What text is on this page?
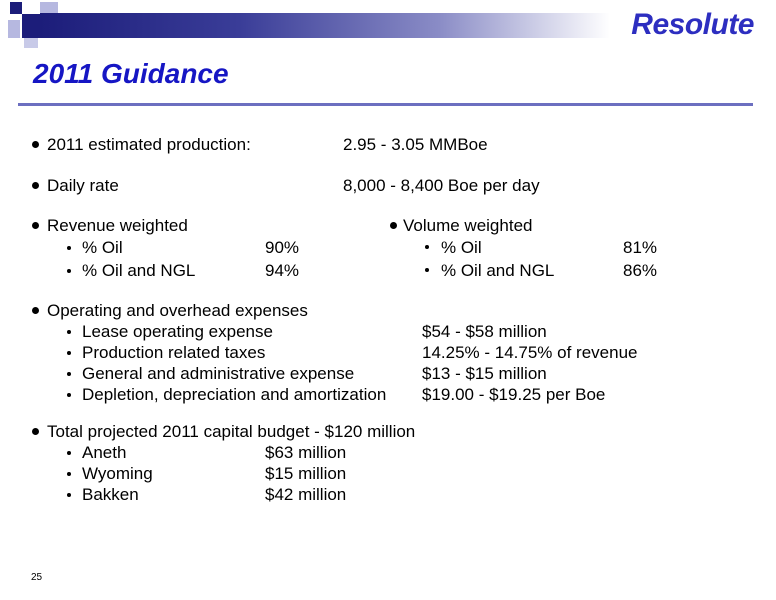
Resolute
2011 Guidance
2011 estimated production:	2.95 - 3.05 MMBoe
Daily rate	8,000 - 8,400 Boe per day
Revenue weighted
% Oil	90%
% Oil and NGL	94%
Volume weighted
% Oil	81%
% Oil and NGL	86%
Operating and overhead expenses
Lease operating expense	$54 - $58 million
Production related taxes	14.25% - 14.75% of revenue
General and administrative expense	$13 - $15 million
Depletion, depreciation and amortization $19.00 - $19.25 per Boe
Total projected 2011 capital budget - $120 million
Aneth	$63 million
Wyoming	$15 million
Bakken	$42 million
25
